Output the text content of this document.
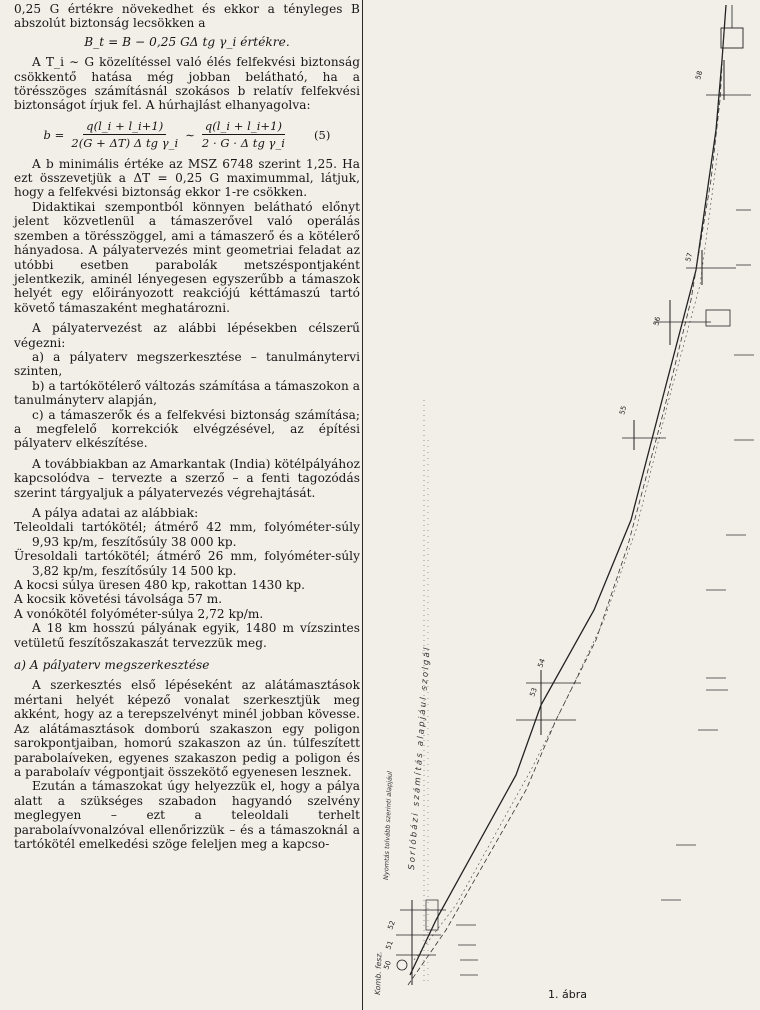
0,25 G értékre növekedhet és ekkor a tényleges B abszolút biztonság lecsökken a

B_t = B − 0,25 GΔ tg γ_i értékre.

A T_i ∼ G közelítéssel való élés felfekvési biztonság csökkentő hatása még jobban belátható, ha a törésszöges számításnál szokásos b relatív felfekvési biztonságot írjuk fel. A húrhajlást elhanyagolva:

$b = \frac{q(l\_i + l\_i+1)}{\text{2(G + ΔT) Δ tg γ\_i}}$ ∼ $\frac{q(l\_i + l\_i+1)}{\text{2 · G · Δ tg γ\_i}} (5)$

A b minimális értéke az MSZ 6748 szerint 1,25. Ha ezt összevetjük a ΔT = 0,25 G maximummal, látjuk, hogy a felfekvési biztonság ekkor 1-re csökken.

Didaktikai szempontból könnyen belátható előnyt jelent közvetlenül a támaszerővel való operálás szemben a törésszöggel, ami a támaszerő és a kötélerő hányadosa. A pályatervezés mint geometriai feladat az utóbbi esetben parabolák metszéspontjaként jelentkezik, aminél lényegesen egyszerűbb a támaszok helyét egy előirányozott reakciójú kéttámaszú tartó követő támaszaként meghatározni.

A pályatervezést az alábbi lépésekben célszerű végezni:

a) a pályaterv megszerkesztése – tanulmánytervi szinten,

b) a tartókötélerő változás számítása a támaszokon a tanulmányterv alapján,

c) a támaszerők és a felfekvési biztonság számítása; a megfelelő korrekciók elvégzésével, az építési pályaterv elkészítése.

A továbbiakban az Amarkantak (India) kötélpályához kapcsolódva – tervezte a szerző – a fenti tagozódás szerint tárgyaljuk a pályatervezés végrehajtását.

A pálya adatai az alábbiak:

Teleoldali tartókötél; átmérő 42 mm, folyóméter-súly 9,93 kp/m, feszítősúly 38 000 kp.

Üresoldali tartókötél; átmérő 26 mm, folyóméter-súly 3,82 kp/m, feszítősúly 14 500 kp.

A kocsi súlya üresen 480 kp, rakottan 1430 kp.

A kocsik követési távolsága 57 m.

A vonókötél folyóméter-súlya 2,72 kp/m.

A 18 km hosszú pályának egyik, 1480 m vízszintes vetületű feszítőszakaszát tervezzük meg.

a) A pályaterv megszerkesztése

A szerkesztés első lépéseként az alátámasztások mértani helyét képező vonalat szerkesztjük meg akként, hogy az a terepszelvényt minél jobban kövesse. Az alátámasztások domború szakaszon egy poligon sarokpontjaiban, homorú szakaszon az ún. túlfeszített parabolaíveken, egyenes szakaszon pedig a poligon és a parabolaív végpontjait összekötő egyenesen lesznek.

Ezután a támaszokat úgy helyezzük el, hogy a pálya alatt a szükséges szabadon hagyandó szelvény meglegyen – ezt a teleoldali terhelt parabolaívvonalzóval ellenőrizzük – és a támaszoknál a tartókötél emelkedési szöge feleljen meg a kapcso-

58
57
56
55
54
53
52
51
50
Sorlóbázi számítás alapjául szolgál
Nyomtás tolvább szerinti alapjául
Komb. fesz.	1. ábra
